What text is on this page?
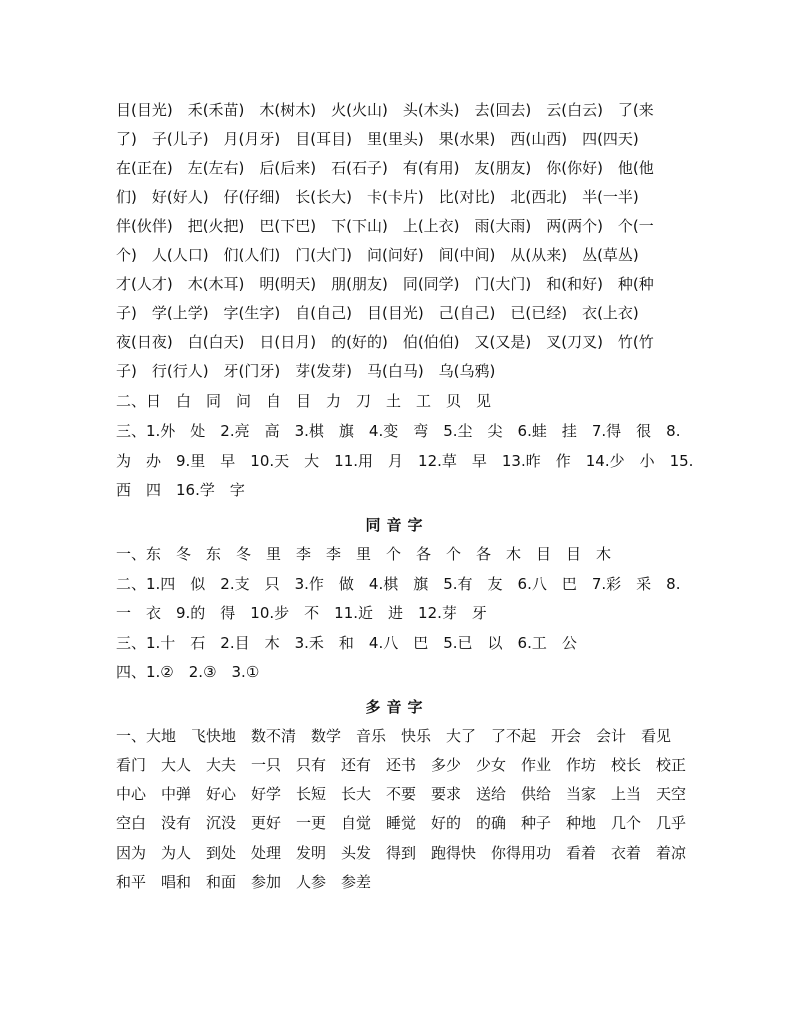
目(目光)　禾(禾苗)　木(树木)　火(火山)　头(木头)　去(回去)　云(白云)　了(来
了)　子(儿子)　月(月牙)　目(耳目)　里(里头)　果(水果)　西(山西)　四(四天)
在(正在)　左(左右)　后(后来)　石(石子)　有(有用)　友(朋友)　你(你好)　他(他
们)　好(好人)　仔(仔细)　长(长大)　卡(卡片)　比(对比)　北(西北)　半(一半)
伴(伙伴)　把(火把)　巴(下巴)　下(下山)　上(上衣)　雨(大雨)　两(两个)　个(一
个)　人(人口)　们(人们)　门(大门)　问(问好)　间(中间)　从(从来)　丛(草丛)
才(人才)　木(木耳)　明(明天)　朋(朋友)　同(同学)　门(大门)　和(和好)　种(种
子)　学(上学)　字(生字)　自(自己)　目(目光)　己(自己)　已(已经)　衣(上衣)
夜(日夜)　白(白天)　日(日月)　的(好的)　伯(伯伯)　又(又是)　叉(刀叉)　竹(竹
子)　行(行人)　牙(门牙)　芽(发芽)　马(白马)　乌(乌鸦)
二、日　白　同　问　自　目　力　刀　土　工　贝　见
三、1.外　处　2.亮　高　3.棋　旗　4.变　弯　5.尘　尖　6.蛙　挂　7.得　很　8.
为　办　9.里　早　10.天　大　11.用　月　12.草　早　13.昨　作　14.少　小　15.
西　四　16.学　字
同音字
一、东　冬　东　冬　里　李　李　里　个　各　个　各　木　目　目　木
二、1.四　似　2.支　只　3.作　做　4.棋　旗　5.有　友　6.八　巴　7.彩　采　8.
一　衣　9.的　得　10.步　不　11.近　进　12.芽　牙
三、1.十　石　2.目　木　3.禾　和　4.八　巴　5.已　以　6.工　公
四、1.②　2.③　3.①
多音字
一、大地　飞快地　数不清　数学　音乐　快乐　大了　了不起　开会　会计　看见
看门　大人　大夫　一只　只有　还有　还书　多少　少女　作业　作坊　校长　校正
中心　中弹　好心　好学　长短　长大　不要　要求　送给　供给　当家　上当　天空
空白　没有　沉没　更好　一更　自觉　睡觉　好的　的确　种子　种地　几个　几乎
因为　为人　到处　处理　发明　头发　得到　跑得快　你得用功　看着　衣着　着凉
和平　唱和　和面　参加　人参　参差
